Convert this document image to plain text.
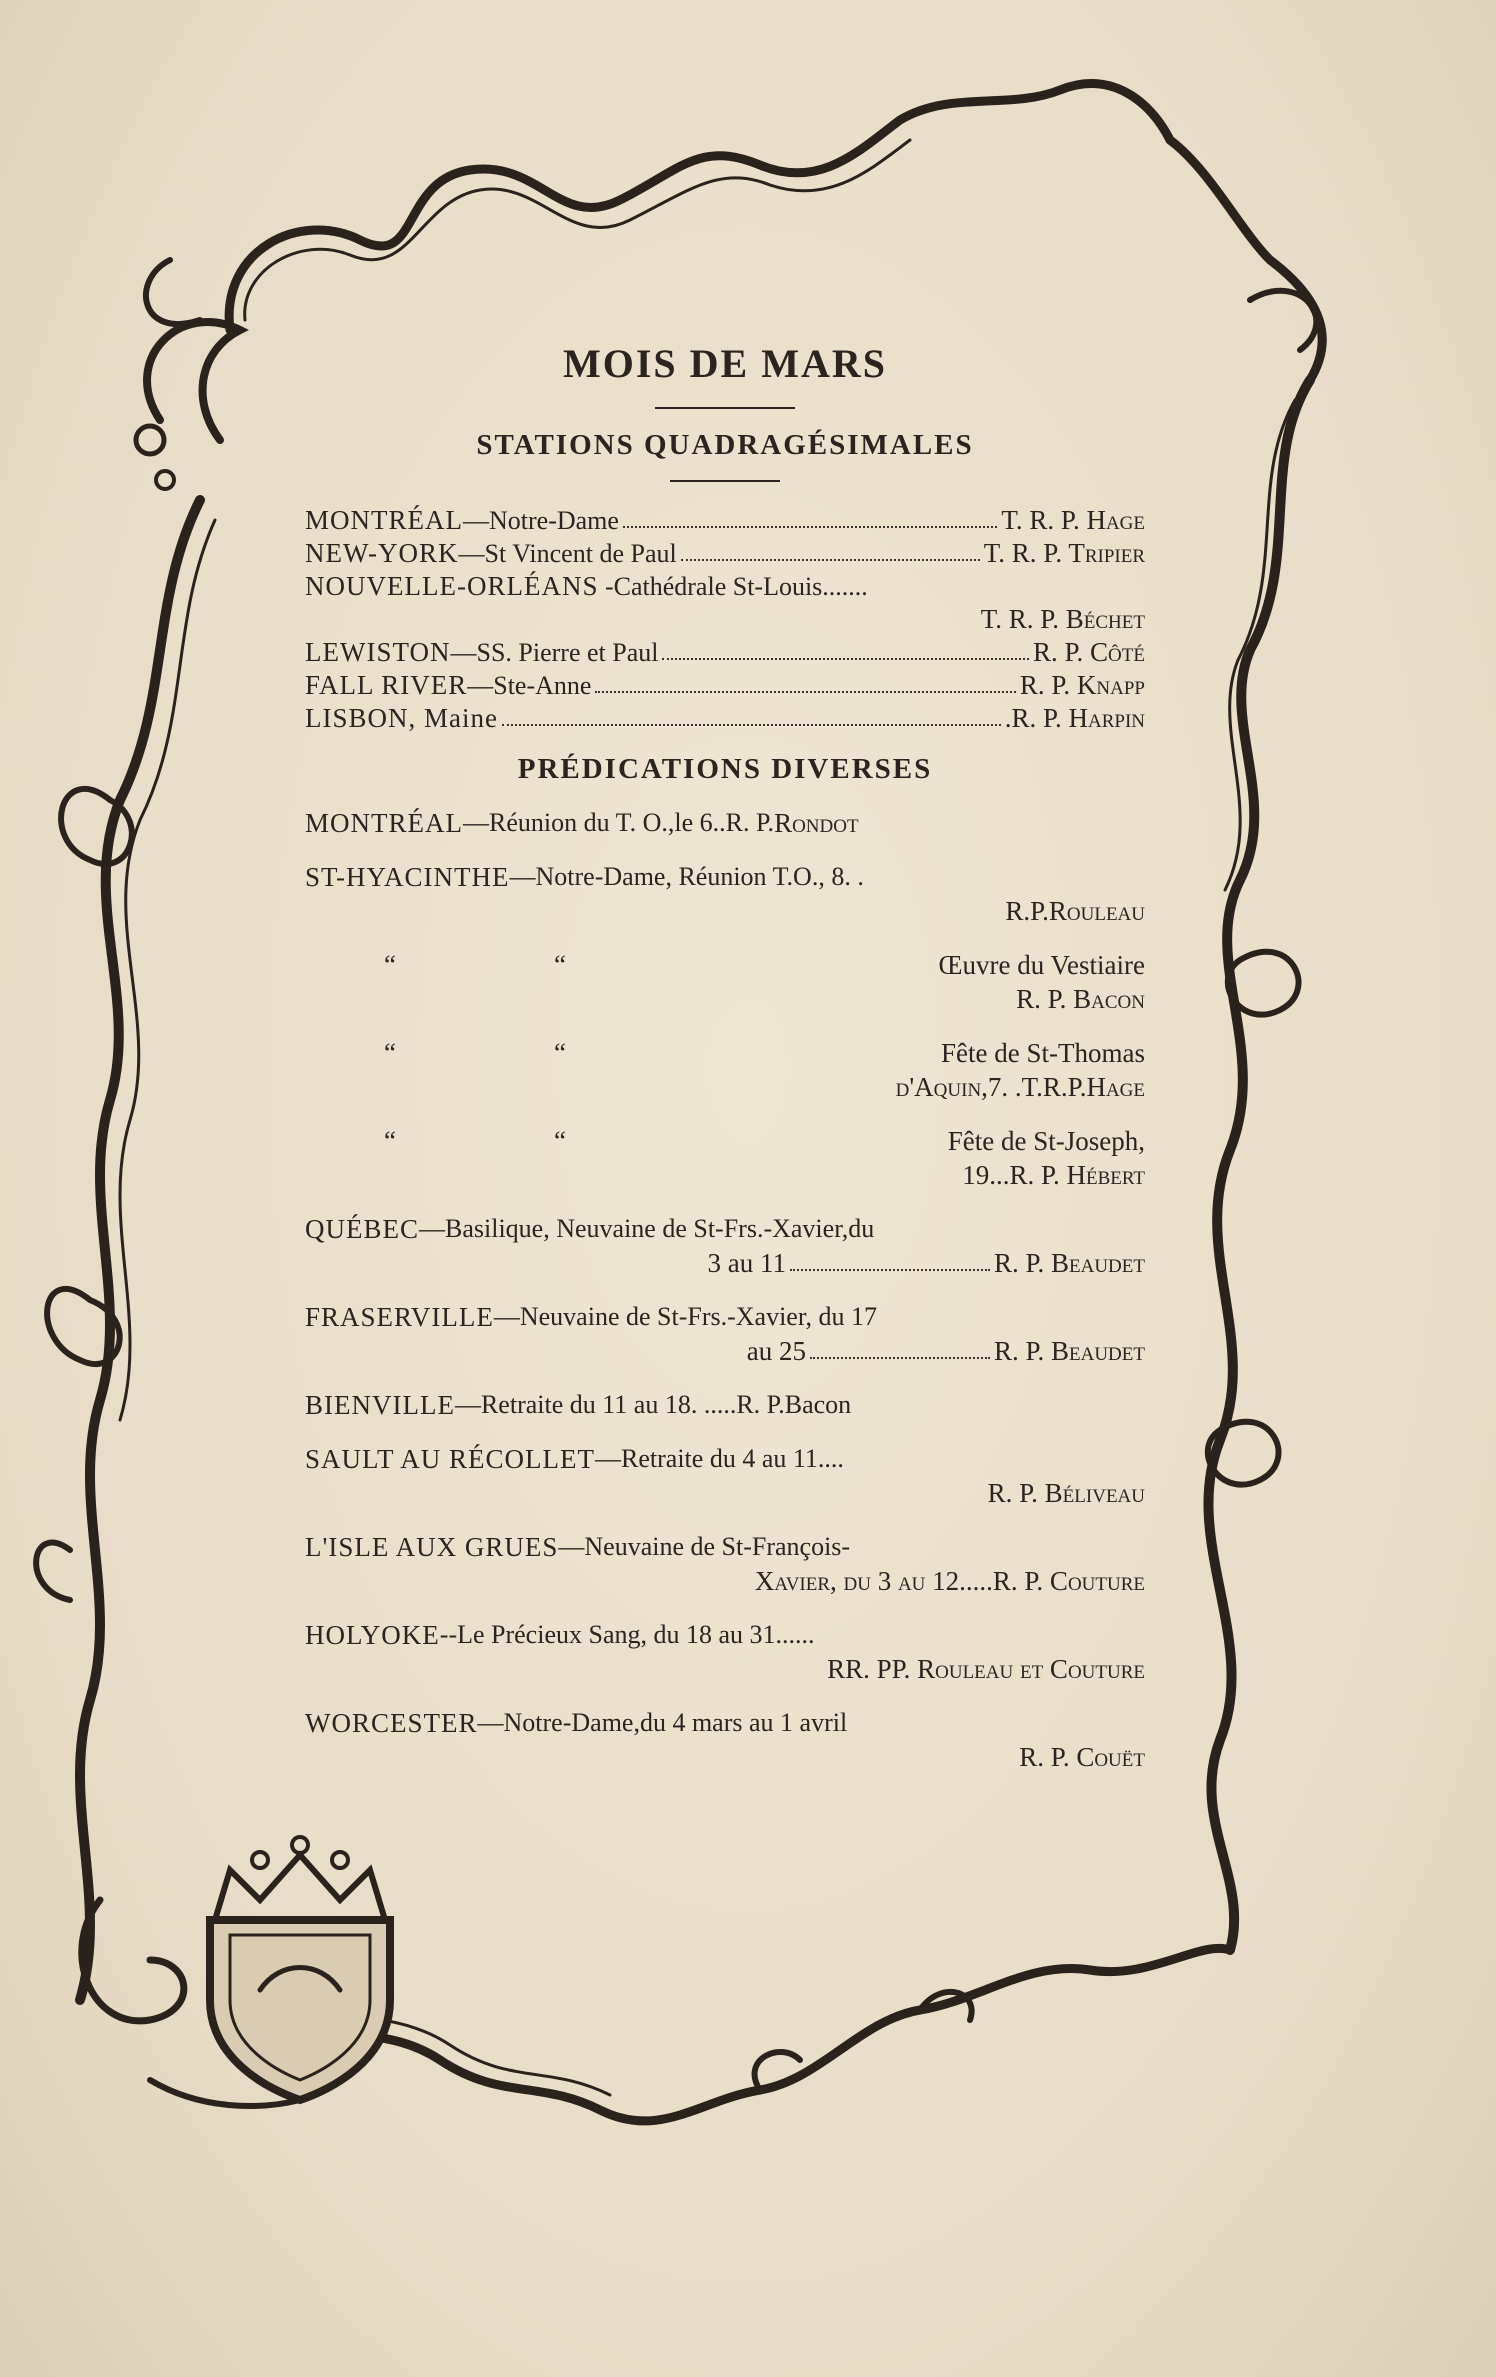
MOIS DE MARS
STATIONS QUADRAGÉSIMALES
MONTRÉAL—Notre-Dame	T. R. P. Hage
NEW-YORK—St Vincent de Paul	T. R. P. Tripier
NOUVELLE-ORLÉANS -Cathédrale St-Louis.......
T. R. P. Béchet
LEWISTON—SS. Pierre et Paul	R. P. Côté
FALL RIVER—Ste-Anne	R. P. Knapp
LISBON, Maine	.R. P. Harpin
PRÉDICATIONS DIVERSES
MONTRÉAL —Réunion du T. O.,le 6..R. P. Rondot
ST-HYACINTHE —Notre-Dame, Réunion T.O., 8. .
R.P.Rouleau
“	“	Œuvre du Vestiaire
R. P. Bacon
“	“	Fête de St-Thomas
d'Aquin,7. .T.R.P.Hage
“	“	Fête de St-Joseph,
19...R. P. Hébert
QUÉBEC —Basilique, Neuvaine de St-Frs.-Xavier,du
3 au 11	R. P. Beaudet
FRASERVILLE —Neuvaine de St-Frs.-Xavier, du 17
au 25	R. P. Beaudet
BIENVILLE —Retraite du 11 au 18. .....R. P.Bacon
SAULT AU RÉCOLLET —Retraite du 4 au 11....
R. P. Béliveau
L'ISLE AUX GRUES —Neuvaine de St-François-
Xavier, du 3 au 12.....R. P. Couture
HOLYOKE --Le Précieux Sang, du 18 au 31......
RR. PP. Rouleau et Couture
WORCESTER —Notre-Dame,du 4 mars au 1 avril
R. P. Couët
